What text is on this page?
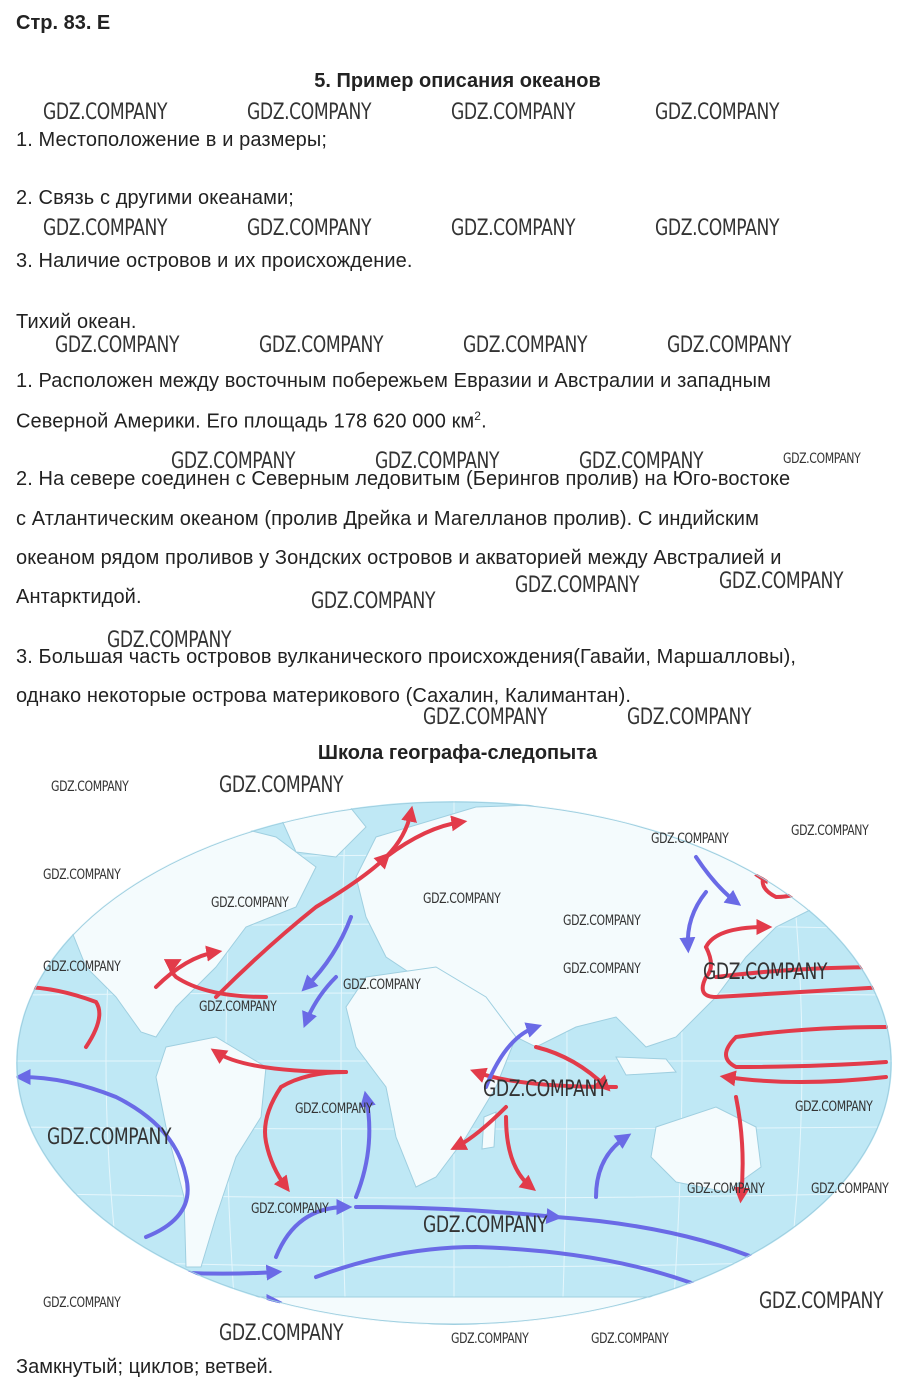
Стр. 83. Е
5. Пример описания океанов
1. Местоположение в и размеры;
2. Связь с другими океанами;
3. Наличие островов и их происхождение.
Тихий океан.
1. Расположен между восточным побережьем Евразии и Австралии и западным
Северной Америки. Его площадь 178 620 000 $км^2$.
2. На севере соединен с Северным ледовитым (Берингов пролив) на Юго-востоке
с Атлантическим океаном (пролив Дрейка и Магелланов пролив). С индийским
океаном рядом проливов у Зондских островов и акваторией между Австралией и
Антарктидой.
3. Большая часть островов вулканического происхождения(Гавайи, Маршалловы),
однако некоторые острова материкового (Сахалин, Калимантан).
Школа географа-следопыта
Замкнутый; циклов; ветвей.
GDZ.COMPANY	GDZ.COMPANY	GDZ.COMPANY	GDZ.COMPANY
GDZ.COMPANY	GDZ.COMPANY	GDZ.COMPANY	GDZ.COMPANY
GDZ.COMPANY	GDZ.COMPANY	GDZ.COMPANY	GDZ.COMPANY
GDZ.COMPANY	GDZ.COMPANY	GDZ.COMPANY	GDZ.COMPANY
GDZ.COMPANY	GDZ.COMPANY
GDZ.COMPANY
GDZ.COMPANY
GDZ.COMPANY	GDZ.COMPANY
GDZ.COMPANY	GDZ.COMPANY
GDZ.COMPANY	GDZ.COMPANY
GDZ.COMPANY
GDZ.COMPANY
GDZ.COMPANY
GDZ.COMPANY
GDZ.COMPANY	GDZ.COMPANY	GDZ.COMPANY
GDZ.COMPANY
GDZ.COMPANY
GDZ.COMPANY
GDZ.COMPANY	GDZ.COMPANY
GDZ.COMPANY
GDZ.COMPANY	GDZ.COMPANY
GDZ.COMPANY
GDZ.COMPANY
GDZ.COMPANY	GDZ.COMPANY
GDZ.COMPANY	GDZ.COMPANY	GDZ.COMPANY
